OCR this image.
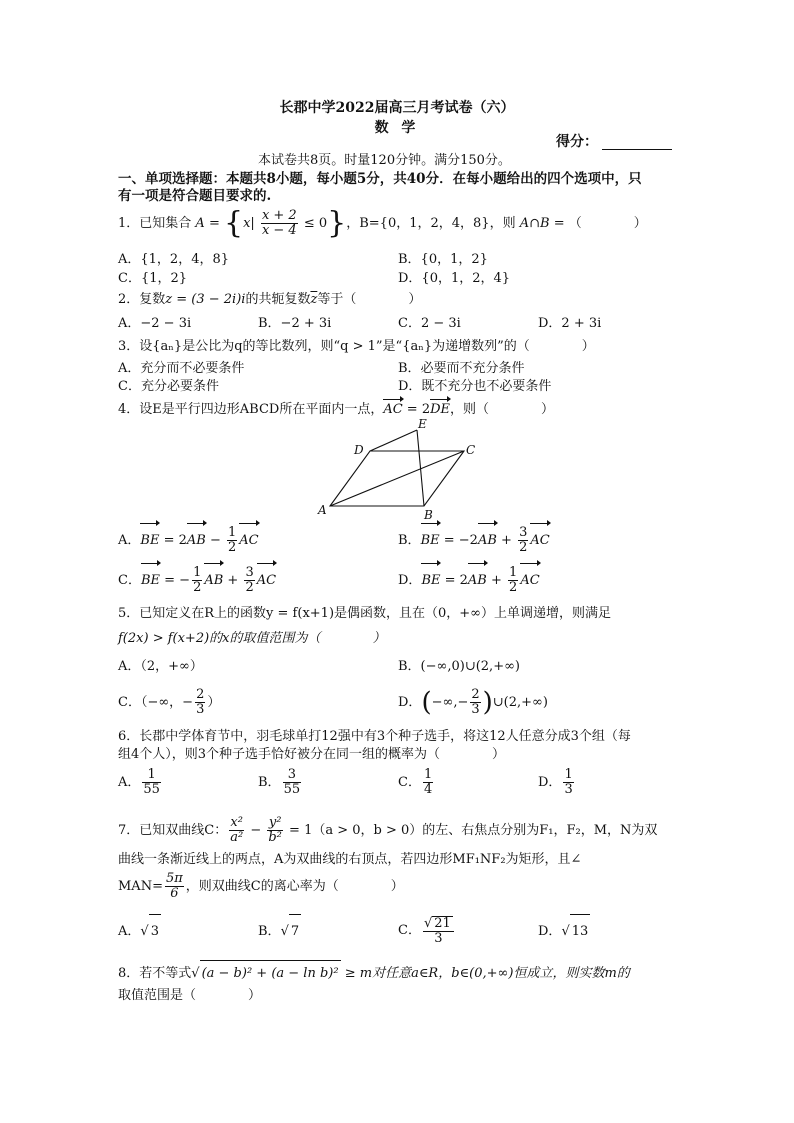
长郡中学2022届高三月考试卷（六）
数 学
得分：
本试卷共8页。时量120分钟。满分150分。
一、单项选择题：本题共8小题，每小题5分，共40分．在每小题给出的四个选项中，只
有一项是符合题目要求的.
1．已知集合 $A = \{x| \frac{x + 2}{x - 4} \le 0\}$，B={0，1，2，4，8}，则 A∩B = （　　　　）
A．{1，2，4，8}	B．{0，1，2}
C．{1，2}	D．{0，1，2，4}
2．复数z = (3 − 2i)i的共轭复数$\overline{z}$等于（　　　　）
A．−2 − 3i	B．−2 + 3i	C．2 − 3i	D．2 + 3i
3．设{aₙ}是公比为q的等比数列，则“q > 1”是“{aₙ}为递增数列”的（　　　　）
A．充分而不必要条件	B．必要而不充分条件
C．充分必要条件	D．既不充分也不必要条件
4．设E是平行四边形ABCD所在平面内一点，AC = 2DE，则（　　　　）
A	B
C
D
E
A．BE = $2AB - \frac{1}{2}$ AC	B．BE = $-2AB + \frac{3}{2}$ AC
C．BE = − $\frac{1}{2}$ AB + $\frac{3}{2}$ AC	D．BE = $2AB + \frac{1}{2}$ AC
5．已知定义在R上的函数y = f(x+1)是偶函数，且在（0，+∞）上单调递增，则满足
f(2x) > f(x+2)的x的取值范围为（　　　　）
A．（2，+∞）	B．(−∞,0)∪(2,+∞)
C．（−∞，− $\frac{2}{3}$ ）	D．(−∞,− $\frac{2}{3}$ )∪(2,+∞)
6．长郡中学体育节中，羽毛球单打12强中有3个种子选手，将这12人任意分成3个组（每
组4个人），则3个种子选手恰好被分在同一组的概率为（　　　　）
A． $\frac{1}{55}$	B． $\frac{3}{55}$	C． $\frac{1}{4}$	D． $\frac{1}{3}$
7．已知双曲线C： $\frac{\text{x²}}{\text{a²}} - \frac{\text{y²}}{\text{b²}} = 1(a > 0$，b > 0）的左、右焦点分别为F₁，F₂，M，N为双
曲线一条渐近线上的两点，A为双曲线的右顶点，若四边形MF₁NF₂为矩形，且∠
$MAN= \frac{5\pi}{6}$ ，则双曲线C的离心率为（　　　　）
A．√ 3	B．√ 7	C． $\frac{√ 21}{3}$	D．√ 13
8．若不等式√ (a − b)² + (a − ln b)² ≥ m对任意a∈R，b∈(0,+∞)恒成立，则实数m的
取值范围是（　　　　）
